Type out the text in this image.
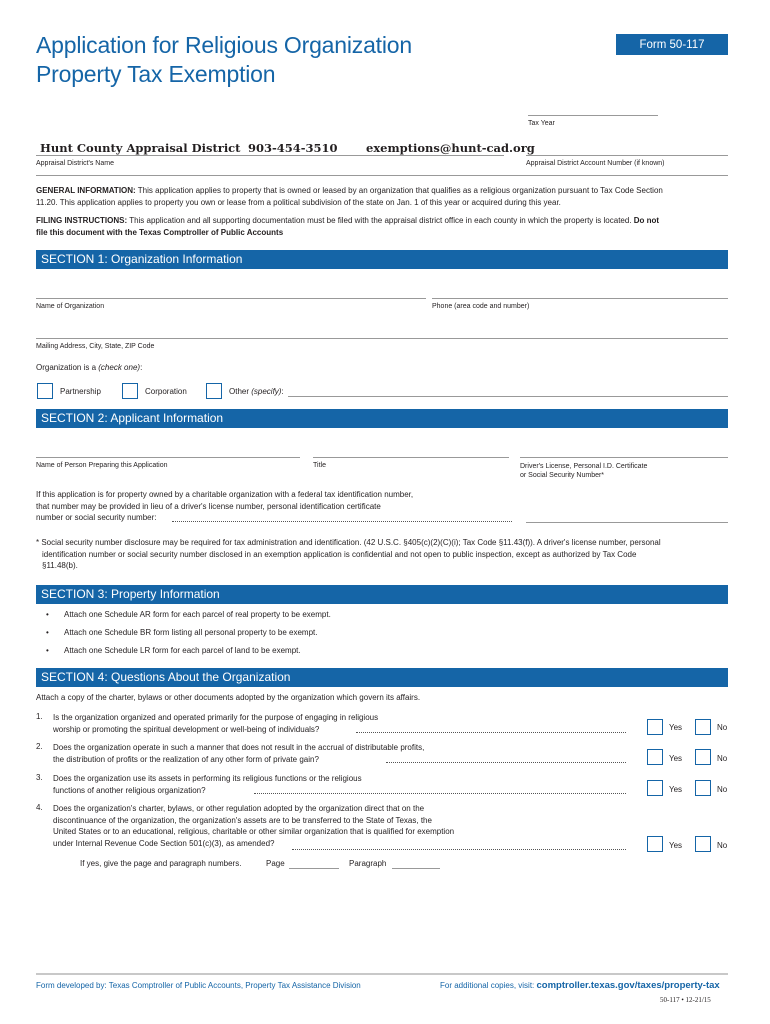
Application for Religious Organization
Property Tax Exemption
Form 50-117
Tax Year
Hunt County Appraisal District 903-454-3510 exemptions@hunt-cad.org
Appraisal District's Name	Appraisal District Account Number (if known)
GENERAL INFORMATION: This application applies to property that is owned or leased by an organization that qualifies as a religious organization pursuant to Tax Code Section
11.20. This application applies to property you own or lease from a political subdivision of the state on Jan. 1 of this year or acquired during this year.
FILING INSTRUCTIONS: This application and all supporting documentation must be filed with the appraisal district office in each county in which the property is located. Do not
file this document with the Texas Comptroller of Public Accounts
SECTION 1: Organization Information
Name of Organization	Phone (area code and number)
Mailing Address, City, State, ZIP Code
Organization is a (check one):
Partnership	Corporation	Other (specify):
SECTION 2: Applicant Information
Name of Person Preparing this Application	Title	Driver's License, Personal I.D. Certificate
or Social Security Number*
If this application is for property owned by a charitable organization with a federal tax identification number,
that number may be provided in lieu of a driver's license number, personal identification certificate
number or social security number:
* Social security number disclosure may be required for tax administration and identification. (42 U.S.C. §405(c)(2)(C)(i); Tax Code §11.43(f)). A driver's license number, personal
identification number or social security number disclosed in an exemption application is confidential and not open to public inspection, except as authorized by Tax Code
§11.48(b).
SECTION 3: Property Information
• Attach one Schedule AR form for each parcel of real property to be exempt.
• Attach one Schedule BR form listing all personal property to be exempt.
• Attach one Schedule LR form for each parcel of land to be exempt.
SECTION 4: Questions About the Organization
Attach a copy of the charter, bylaws or other documents adopted by the organization which govern its affairs.
1. Is the organization organized and operated primarily for the purpose of engaging in religious
worship or promoting the spiritual development or well-being of individuals?	Yes	No
2. Does the organization operate in such a manner that does not result in the accrual of distributable profits,
the distribution of profits or the realization of any other form of private gain?	Yes	No
3. Does the organization use its assets in performing its religious functions or the religious
functions of another religious organization?	Yes	No
4. Does the organization's charter, bylaws, or other regulation adopted by the organization direct that on the
discontinuance of the organization, the organization's assets are to be transferred to the State of Texas, the
United States or to an educational, religious, charitable or other similar organization that is qualified for exemption
under Internal Revenue Code Section 501(c)(3), as amended?	Yes	No
If yes, give the page and paragraph numbers.	Page	Paragraph
Form developed by: Texas Comptroller of Public Accounts, Property Tax Assistance Division	For additional copies, visit: comptroller.texas.gov/taxes/property-tax
50-117 • 12-21/15
